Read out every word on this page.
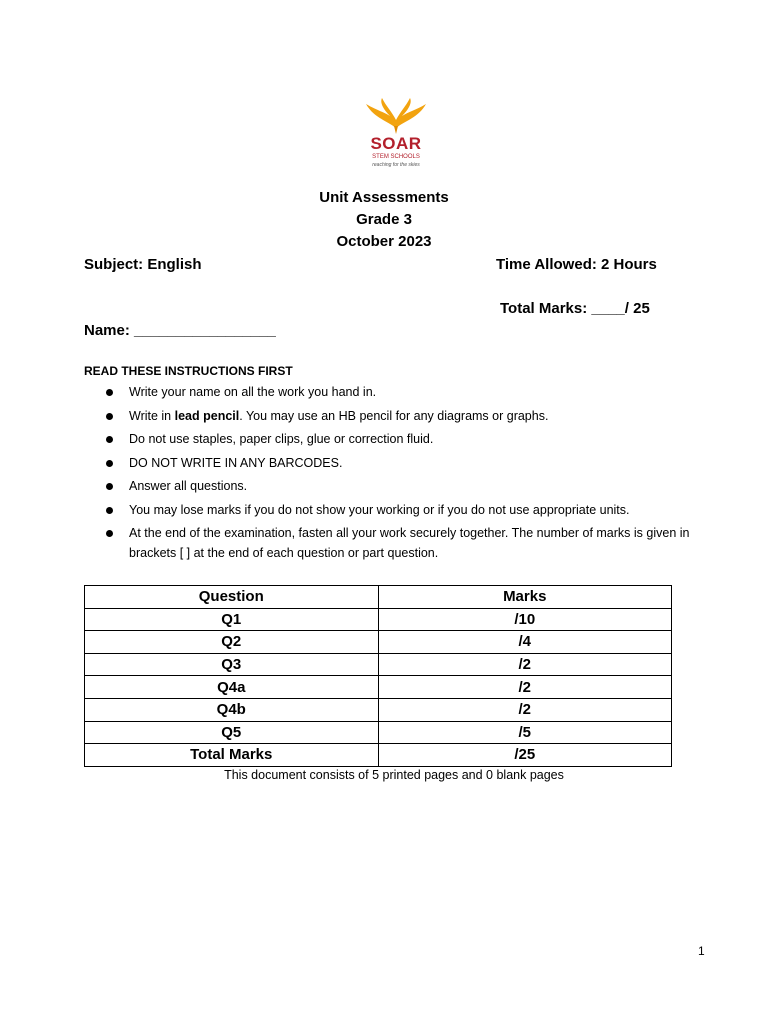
SOAR
STEM SCHOOLS
reaching for the skies
Unit Assessments
Grade 3
October 2023
Subject: English	Time Allowed: 2 Hours
Total Marks: ____/ 25
Name: _________________
READ THESE INSTRUCTIONS FIRST
Write your name on all the work you hand in.
Write in lead pencil. You may use an HB pencil for any diagrams or graphs.
Do not use staples, paper clips, glue or correction fluid.
DO NOT WRITE IN ANY BARCODES.
Answer all questions.
You may lose marks if you do not show your working or if you do not use appropriate units.
At the end of the examination, fasten all your work securely together. The number of marks is given in brackets [ ] at the end of each question or part question.
Question	Marks
Q1	/10
Q2	/4
Q3	/2
Q4a	/2
Q4b	/2
Q5	/5
Total Marks	/25
This document consists of 5 printed pages and 0 blank pages
1
